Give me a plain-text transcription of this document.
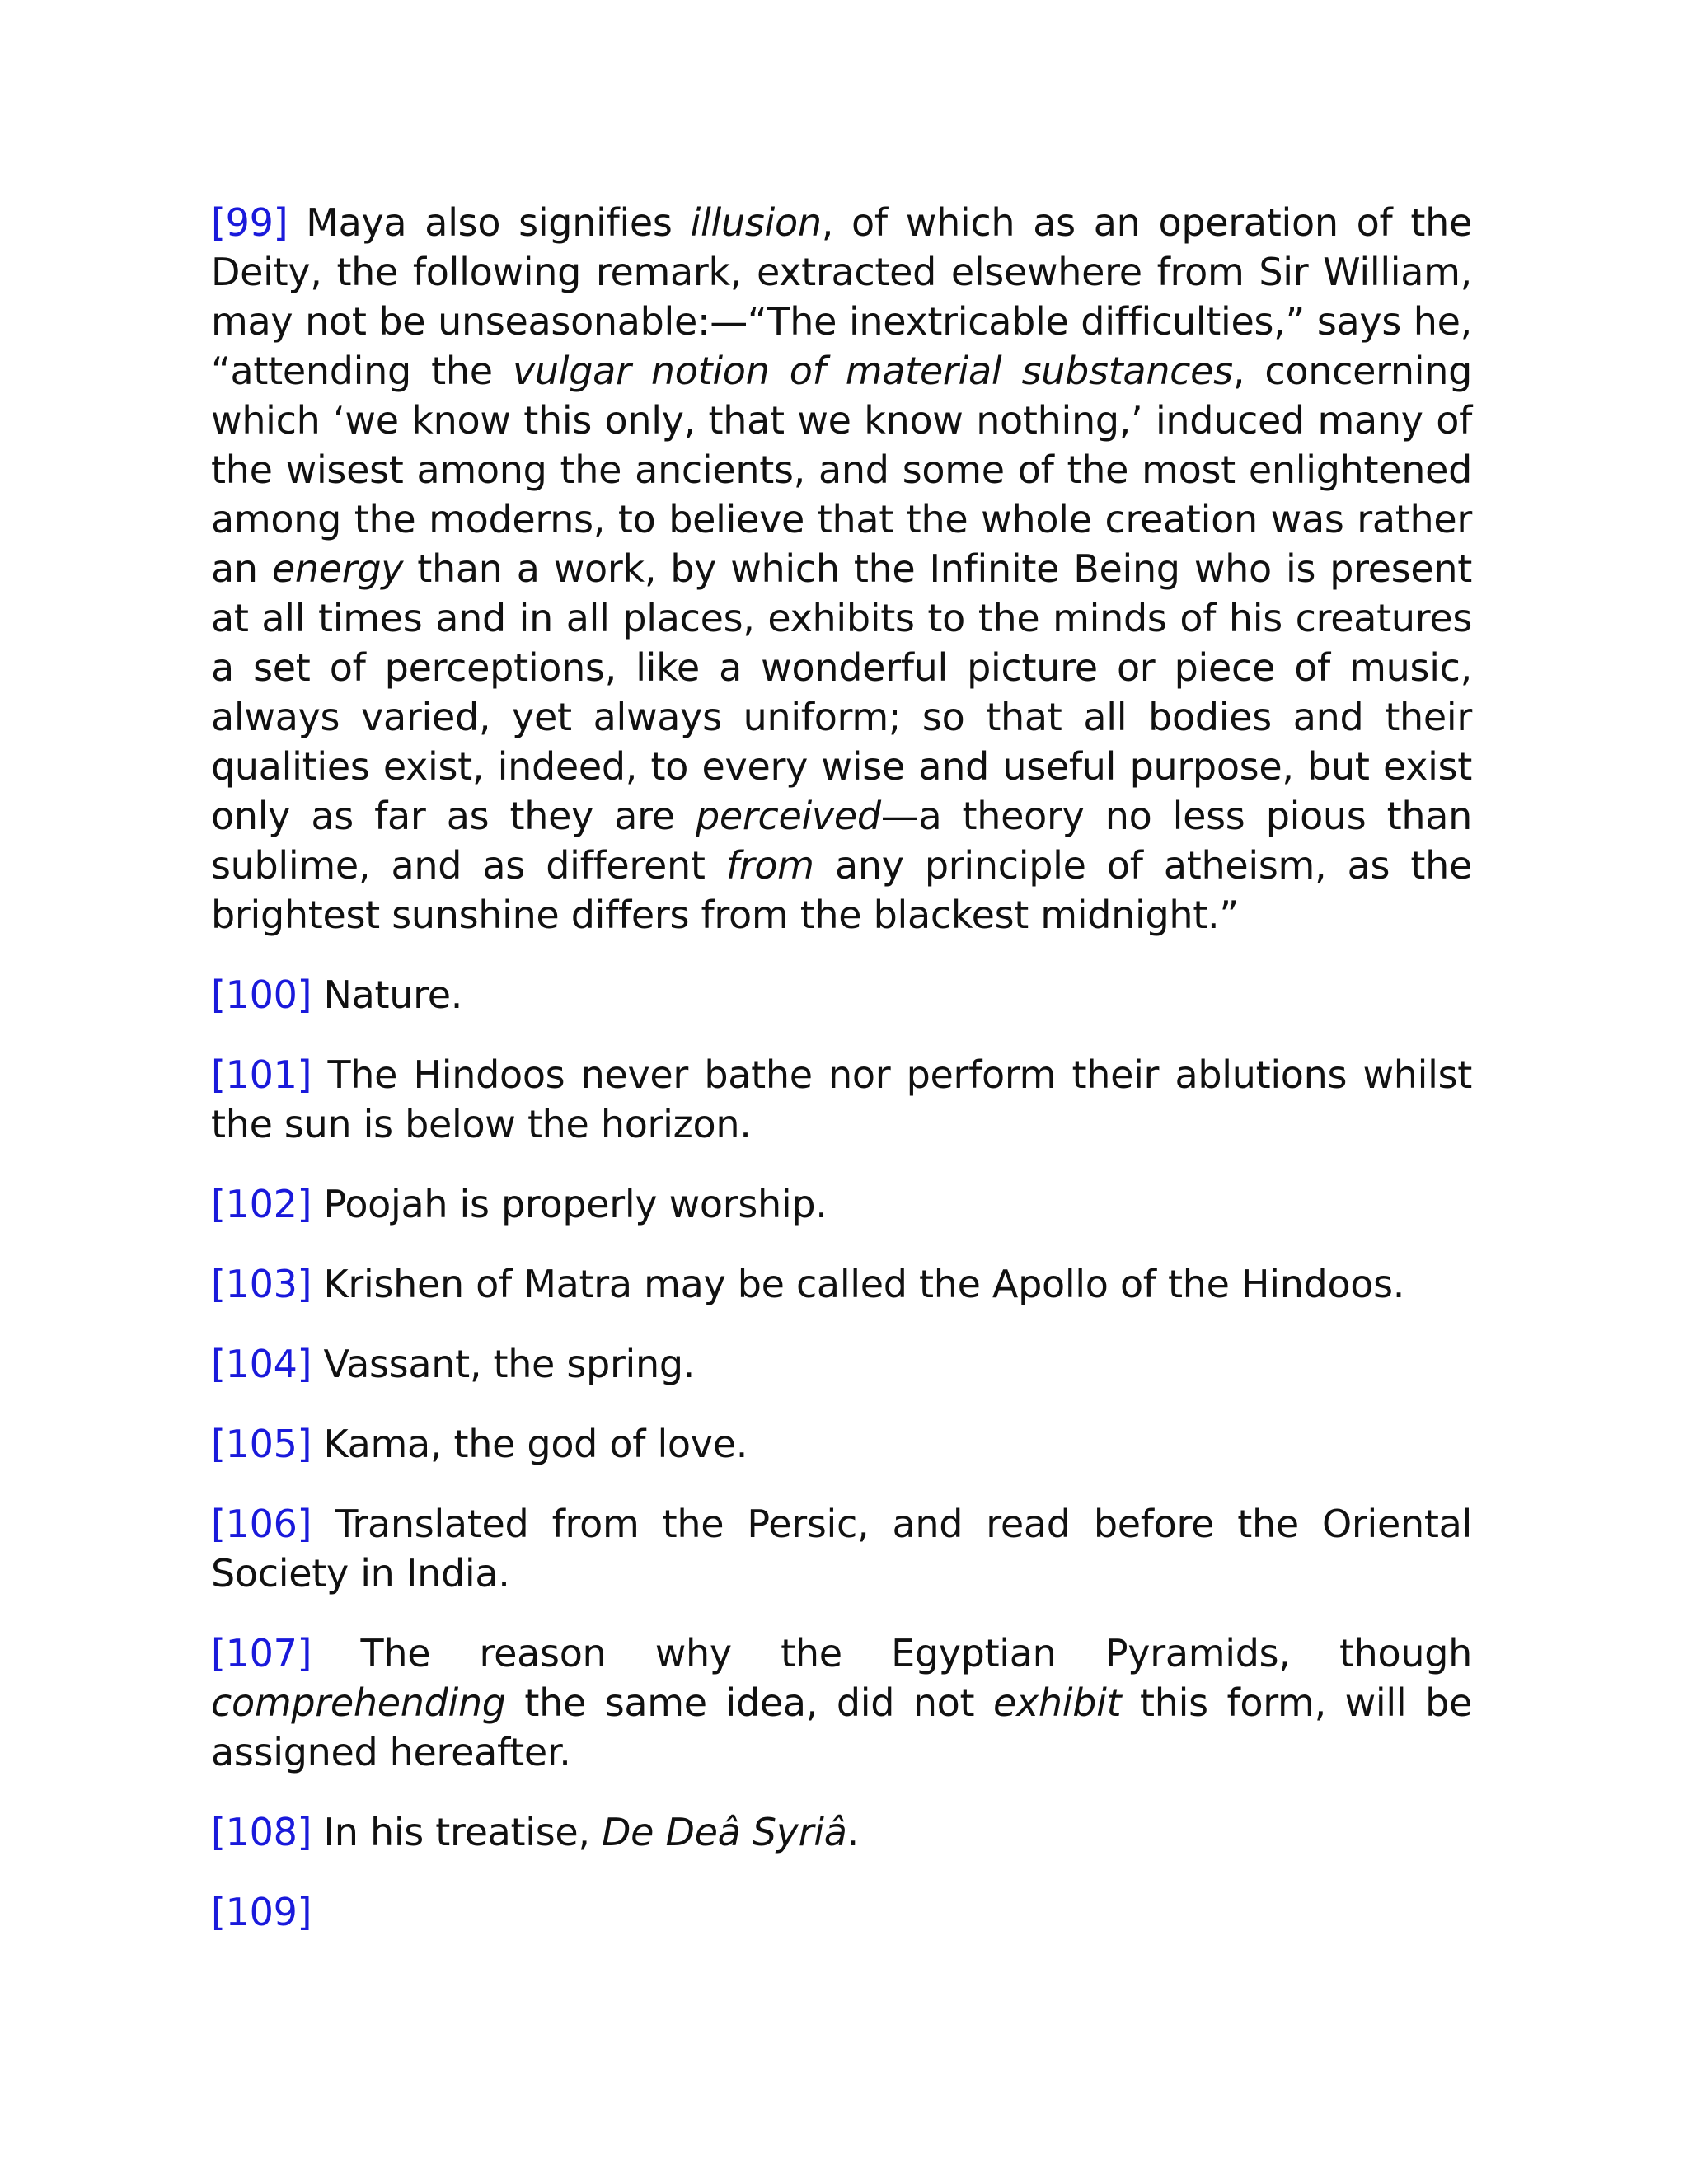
[99] Maya also signifies illusion, of which as an operation of the Deity, the following remark, extracted elsewhere from Sir William, may not be unseasonable:—“The inextricable difficulties,” says he, “attending the vulgar notion of material substances, concerning which ‘we know this only, that we know nothing,’ induced many of the wisest among the ancients, and some of the most enlightened among the moderns, to believe that the whole creation was rather an energy than a work, by which the Infinite Being who is present at all times and in all places, exhibits to the minds of his creatures a set of perceptions, like a wonderful picture or piece of music, always varied, yet always uniform; so that all bodies and their qualities exist, indeed, to every wise and useful purpose, but exist only as far as they are perceived—a theory no less pious than sublime, and as different from any principle of atheism, as the brightest sunshine differs from the blackest midnight.”

[100] Nature.

[101] The Hindoos never bathe nor perform their ablutions whilst the sun is below the horizon.

[102] Poojah is properly worship.

[103] Krishen of Matra may be called the Apollo of the Hindoos.

[104] Vassant, the spring.

[105] Kama, the god of love.

[106] Translated from the Persic, and read before the Oriental Society in India.

[107] The reason why the Egyptian Pyramids, though comprehending the same idea, did not exhibit this form, will be assigned hereafter.

[108] In his treatise, De Deâ Syriâ.

[109]
